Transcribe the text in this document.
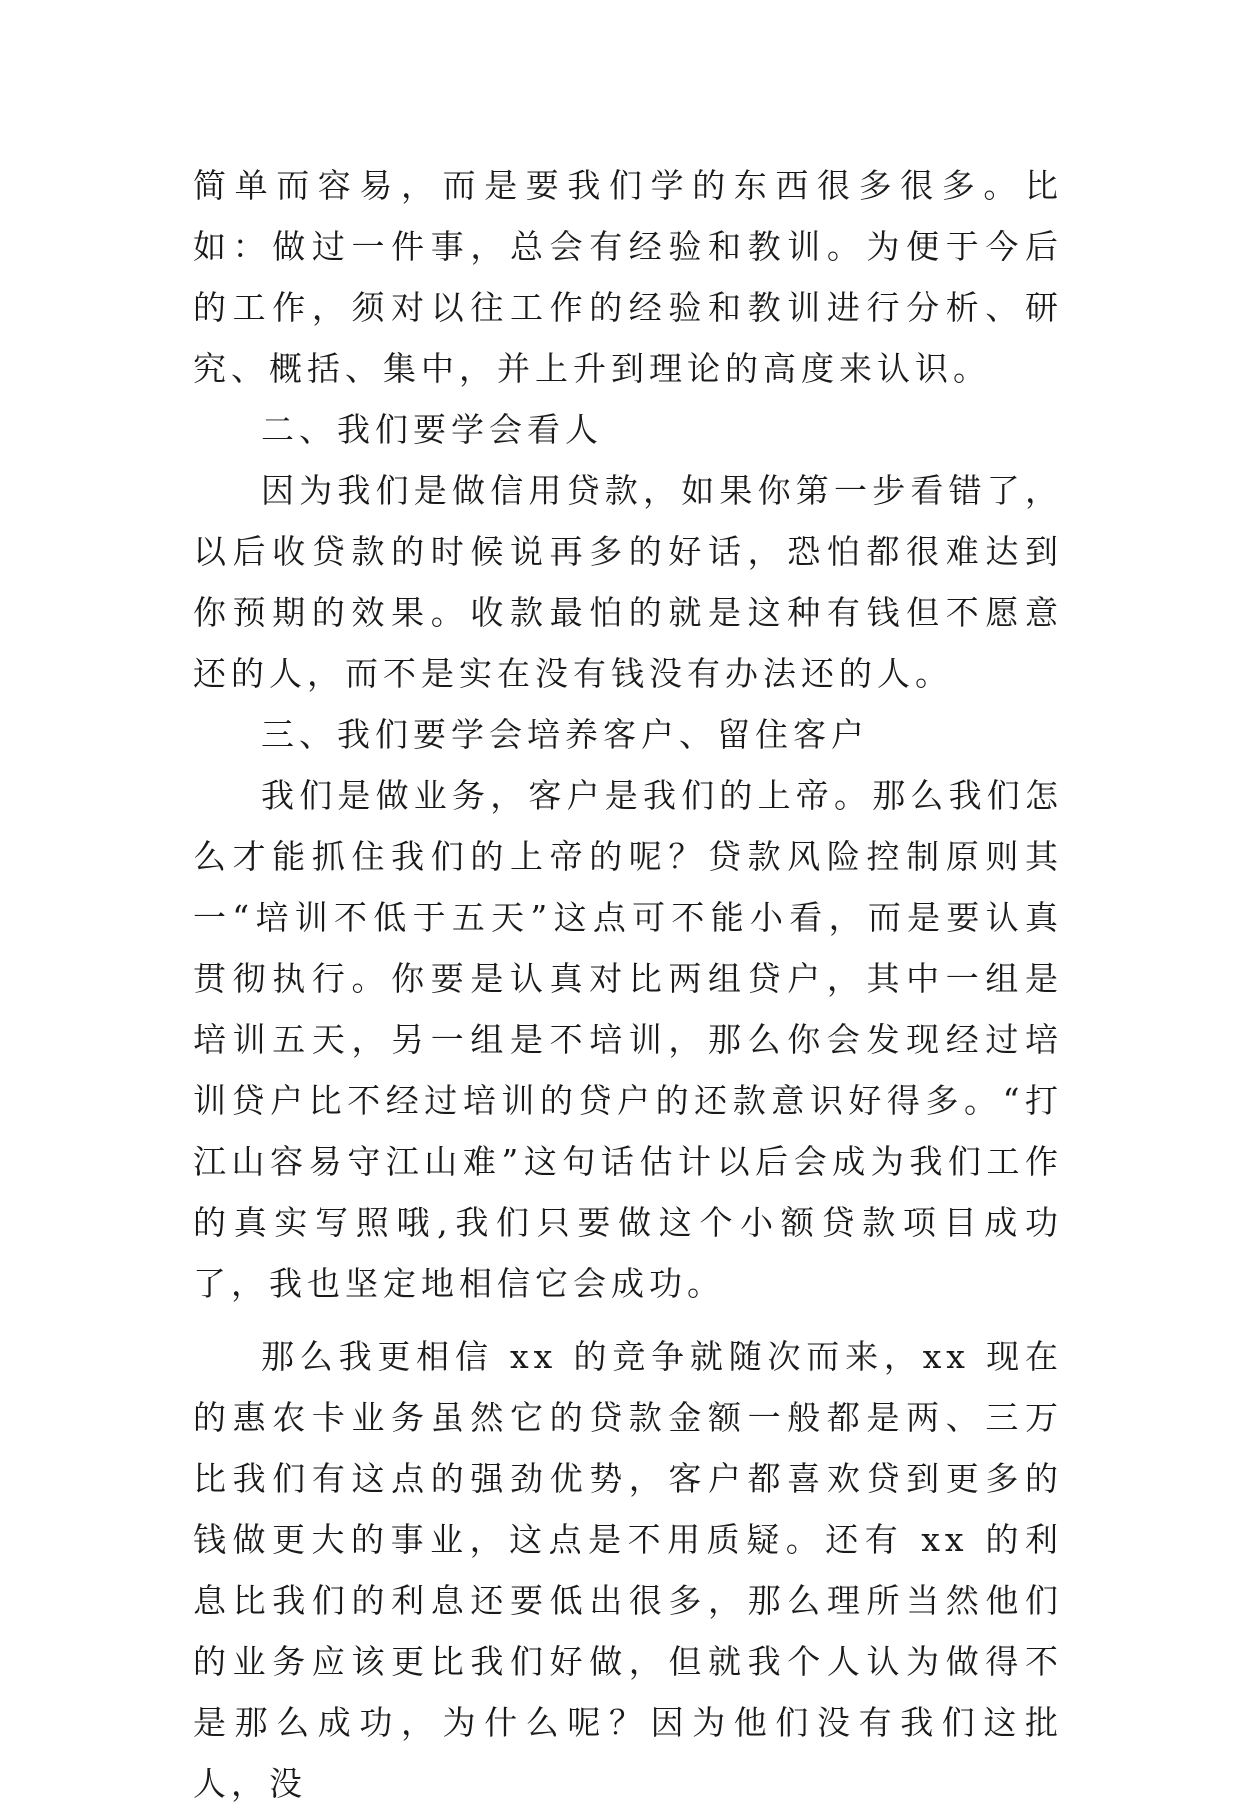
简单而容易，而是要我们学的东西很多很多。比如：做过一件事，总会有经验和教训。为便于今后的工作，须对以往工作的经验和教训进行分析、研究、概括、集中，并上升到理论的高度来认识。

二、我们要学会看人

因为我们是做信用贷款，如果你第一步看错了，以后收贷款的时候说再多的好话，恐怕都很难达到你预期的效果。收款最怕的就是这种有钱但不愿意还的人，而不是实在没有钱没有办法还的人。

三、我们要学会培养客户、留住客户

我们是做业务，客户是我们的上帝。那么我们怎么才能抓住我们的上帝的呢？贷款风险控制原则其一“培训不低于五天”这点可不能小看，而是要认真贯彻执行。你要是认真对比两组贷户，其中一组是培训五天，另一组是不培训，那么你会发现经过培训贷户比不经过培训的贷户的还款意识好得多。“打江山容易守江山难”这句话估计以后会成为我们工作的真实写照哦,我们只要做这个小额贷款项目成功了，我也坚定地相信它会成功。

那么我更相信 xx 的竞争就随次而来，xx 现在的惠农卡业务虽然它的贷款金额一般都是两、三万比我们有这点的强劲优势，客户都喜欢贷到更多的钱做更大的事业，这点是不用质疑。还有 xx 的利息比我们的利息还要低出很多，那么理所当然他们的业务应该更比我们好做，但就我个人认为做得不是那么成功，为什么呢？因为他们没有我们这批人，没
